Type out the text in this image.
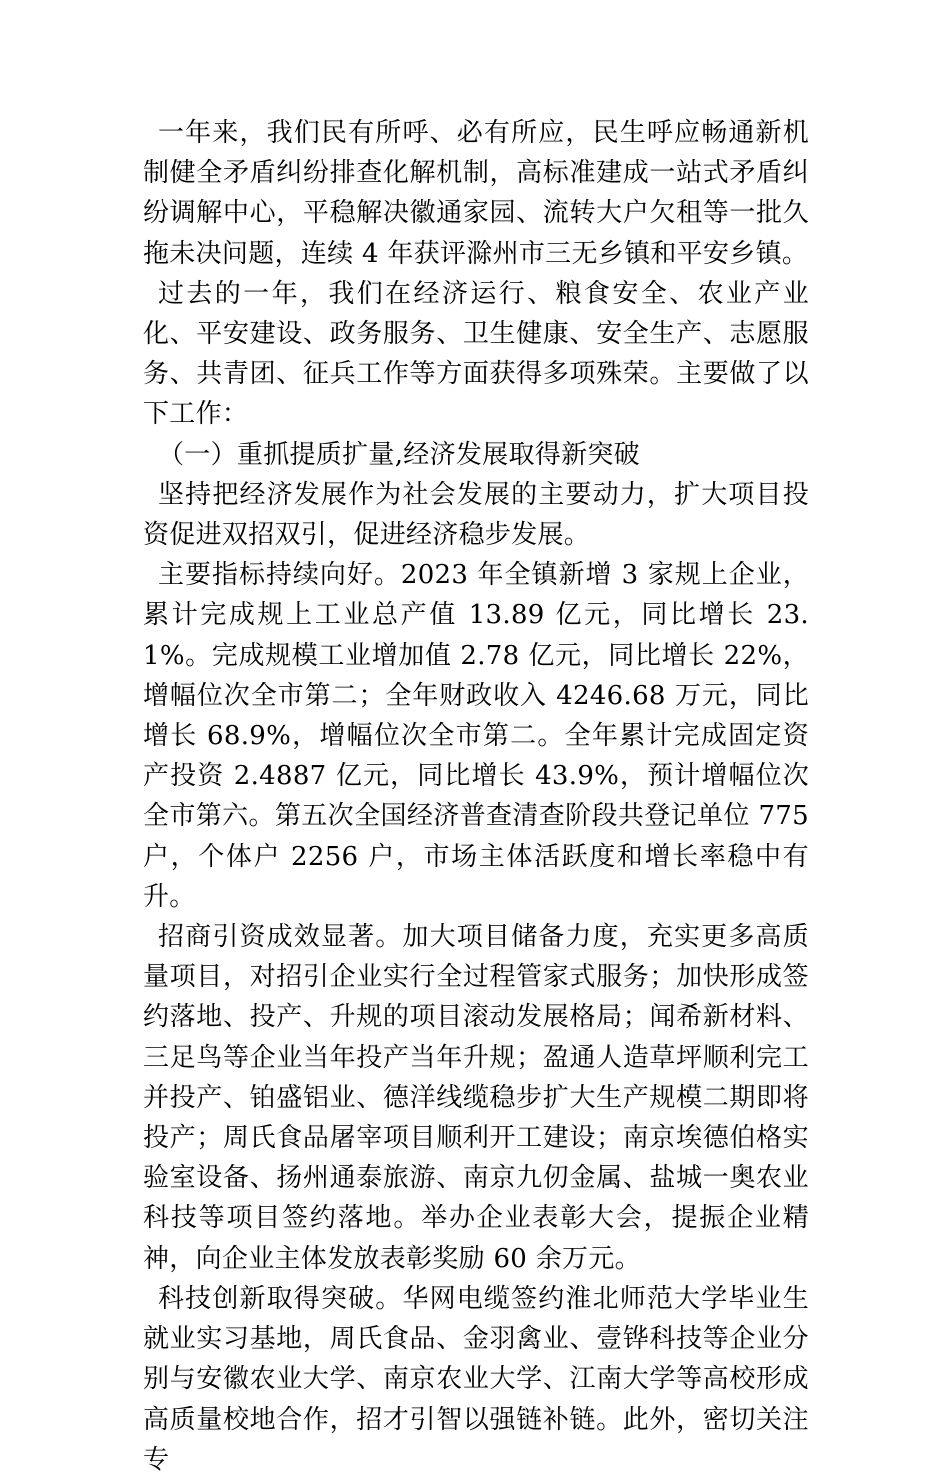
一年来，我们民有所呼、必有所应，民生呼应畅通新机制健全矛盾纠纷排查化解机制，高标准建成一站式矛盾纠纷调解中心，平稳解决徽通家园、流转大户欠租等一批久拖未决问题，连续 4 年获评滁州市三无乡镇和平安乡镇。

过去的一年，我们在经济运行、粮食安全、农业产业化、平安建设、政务服务、卫生健康、安全生产、志愿服务、共青团、征兵工作等方面获得多项殊荣。主要做了以下工作：

（一）重抓提质扩量,经济发展取得新突破

坚持把经济发展作为社会发展的主要动力，扩大项目投资促进双招双引，促进经济稳步发展。

主要指标持续向好。2023 年全镇新增 3 家规上企业，累计完成规上工业总产值 13.89 亿元，同比增长 23.1%。完成规模工业增加值 2.78 亿元，同比增长 22%，增幅位次全市第二；全年财政收入 4246.68 万元，同比增长 68.9%，增幅位次全市第二。全年累计完成固定资产投资 2.4887 亿元，同比增长 43.9%，预计增幅位次全市第六。第五次全国经济普查清查阶段共登记单位 775 户，个体户 2256 户，市场主体活跃度和增长率稳中有升。

招商引资成效显著。加大项目储备力度，充实更多高质量项目，对招引企业实行全过程管家式服务；加快形成签约落地、投产、升规的项目滚动发展格局；闻希新材料、三足鸟等企业当年投产当年升规；盈通人造草坪顺利完工并投产、铂盛铝业、德洋线缆稳步扩大生产规模二期即将投产；周氏食品屠宰项目顺利开工建设；南京埃德伯格实验室设备、扬州通泰旅游、南京九仞金属、盐城一奥农业科技等项目签约落地。举办企业表彰大会，提振企业精神，向企业主体发放表彰奖励 60 余万元。

科技创新取得突破。华网电缆签约淮北师范大学毕业生就业实习基地，周氏食品、金羽禽业、壹铧科技等企业分别与安徽农业大学、南京农业大学、江南大学等高校形成高质量校地合作，招才引智以强链补链。此外，密切关注专
